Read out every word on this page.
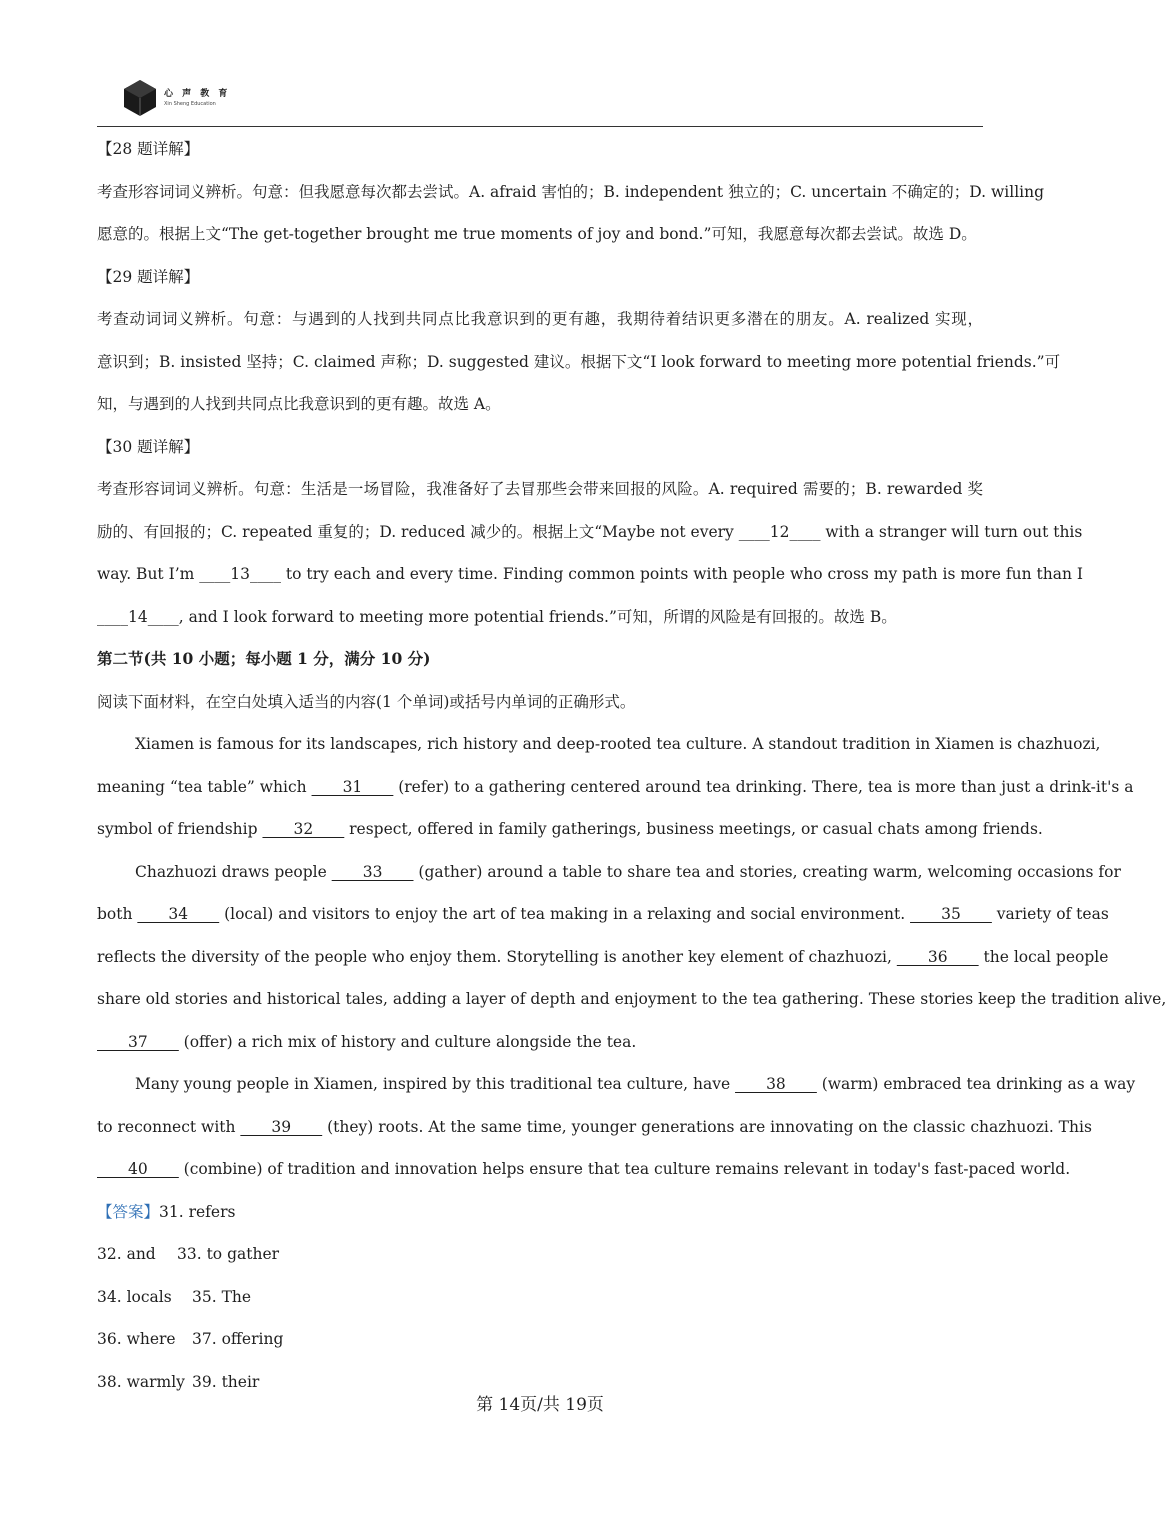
心 声 教 育
Xin Sheng Education
【28 题详解】
考查形容词词义辨析。句意：但我愿意每次都去尝试。A. afraid 害怕的；B. independent 独立的；C. uncertain 不确定的；D. willing
愿意的。根据上文“The get-together brought me true moments of joy and bond.”可知，我愿意每次都去尝试。故选 D。
【29 题详解】
考查动词词义辨析。句意：与遇到的人找到共同点比我意识到的更有趣，我期待着结识更多潜在的朋友。A. realized 实现，
意识到；B. insisted 坚持；C. claimed 声称；D. suggested 建议。根据下文“I look forward to meeting more potential friends.”可
知，与遇到的人找到共同点比我意识到的更有趣。故选 A。
【30 题详解】
考查形容词词义辨析。句意：生活是一场冒险，我准备好了去冒那些会带来回报的风险。A. required 需要的；B. rewarded 奖
励的、有回报的；C. repeated 重复的；D. reduced 减少的。根据上文“Maybe not every ____12____ with a stranger will turn out this
way. But I’m ____13____ to try each and every time. Finding common points with people who cross my path is more fun than I
____14____, and I look forward to meeting more potential friends.”可知，所谓的风险是有回报的。故选 B。
第二节(共 10 小题；每小题 1 分，满分 10 分)
阅读下面材料，在空白处填入适当的内容(1 个单词)或括号内单词的正确形式。
Xiamen is famous for its landscapes, rich history and deep-rooted tea culture. A standout tradition in Xiamen is chazhuozi,
meaning “tea table” which ____31____ (refer) to a gathering centered around tea drinking. There, tea is more than just a drink-it's a
symbol of friendship ____32____ respect, offered in family gatherings, business meetings, or casual chats among friends.
Chazhuozi draws people ____33____ (gather) around a table to share tea and stories, creating warm, welcoming occasions for
both ____34____ (local) and visitors to enjoy the art of tea making in a relaxing and social environment. ____35____ variety of teas
reflects the diversity of the people who enjoy them. Storytelling is another key element of chazhuozi, ____36____ the local people
share old stories and historical tales, adding a layer of depth and enjoyment to the tea gathering. These stories keep the tradition alive,
____37____ (offer) a rich mix of history and culture alongside the tea.
Many young people in Xiamen, inspired by this traditional tea culture, have ____38____ (warm) embraced tea drinking as a way
to reconnect with ____39____ (they) roots. At the same time, younger generations are innovating on the classic chazhuozi. This
____40____ (combine) of tradition and innovation helps ensure that tea culture remains relevant in today's fast-paced world.
【答案】31. refers
32. and 33. to gather
34. locals 35. The
36. where 37. offering
38. warmly 39. their
第 14页/共 19页
